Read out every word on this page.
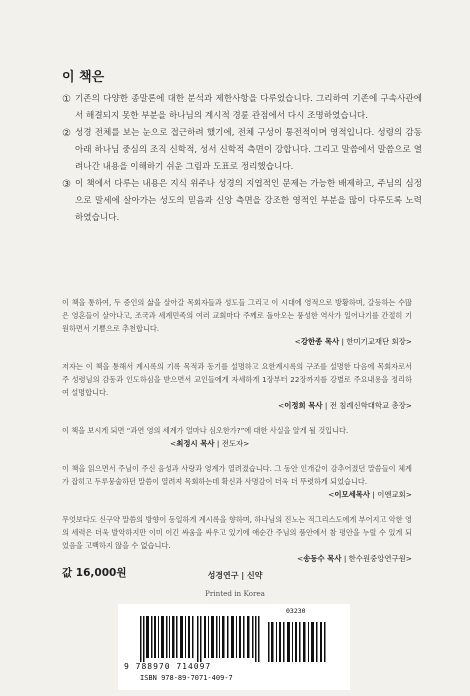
이 책은
① 기존의 다양한 종말론에 대한 분석과 제한사항을 다루었습니다. 그리하여 기존에 구속사관에서 해결되지 못한 부분을 하나님의 계시적 경륜 관점에서 다시 조명하였습니다.
② 성경 전체를 보는 눈으로 접근하려 했기에, 전체 구성이 통전적이며 영적입니다. 성령의 감동 아래 하나님 중심의 조직 신학적, 성서 신학적 측면이 강합니다. 그리고 말씀에서 말씀으로 열려나간 내용을 이해하기 쉬운 그림과 도표로 정리했습니다.
③ 이 책에서 다루는 내용은 지식 위주나 성경의 지엽적인 문제는 가능한 배제하고, 주님의 심정으로 말세에 살아가는 성도의 믿음과 신앙 측면을 강조한 영적인 부분을 많이 다루도록 노력하였습니다.
이 책을 통하여, 두 증인의 삶을 살아갈 목회자들과 성도들 그리고 이 시대에 영적으로 방황하며, 갈등하는 수많은 영혼들이 살아나고, 조국과 세계민족의 여러 교회마다 주께로 돌아오는 풍성한 역사가 일어나기를 간절히 기원하면서 기쁨으로 추천합니다.
<강한종 목사 | 한미기교재단 회장>
저자는 이 책을 통해서 계시록의 기록 목적과 동기를 설명하고 요한계시록의 구조를 설명한 다음에 목회자로서 주 성령님의 감동과 인도하심을 받으면서 교인들에게 자세하게 1장부터 22장까지를 강별로 주요내용을 정리하여 설명합니다.
<이정희 목사 | 전 침례신학대학교 총장>
이 책을 보시게 되면 “과연 영의 세계가 얼마나 심오한가?”에 대한 사실을 알게 될 것입니다.
<최정시 목사 | 전도자>
이 책을 읽으면서 주님이 주신 음성과 사랑과 영계가 열려졌습니다. 그 동안 인개같이 감추어졌던 말씀들이 체계가 잡히고 두루뭉술하던 말씀이 열려져 목회하는데 확신과 사명감이 더욱 더 뚜렷하게 되었습니다.
<이모세목사 | 이엔교회>
무엇보다도 신구약 말씀의 방향이 동일하게 계시록을 향하며, 하나님의 진노는 적그리스도에게 부어지고 악한 영의 세력은 더욱 발악하지만 이미 이긴 싸움을 싸우고 있기에 애순간 주님의 품안에서 참 평안을 누릴 수 있게 되었음을 고백하지 않을 수 없습니다.
<송동수 목사 | 한수원중앙연구원>
값 16,000원	성경연구 | 신약
Printed in Korea
03230
9 788970 714097
ISBN 978-89-7071-409-7
